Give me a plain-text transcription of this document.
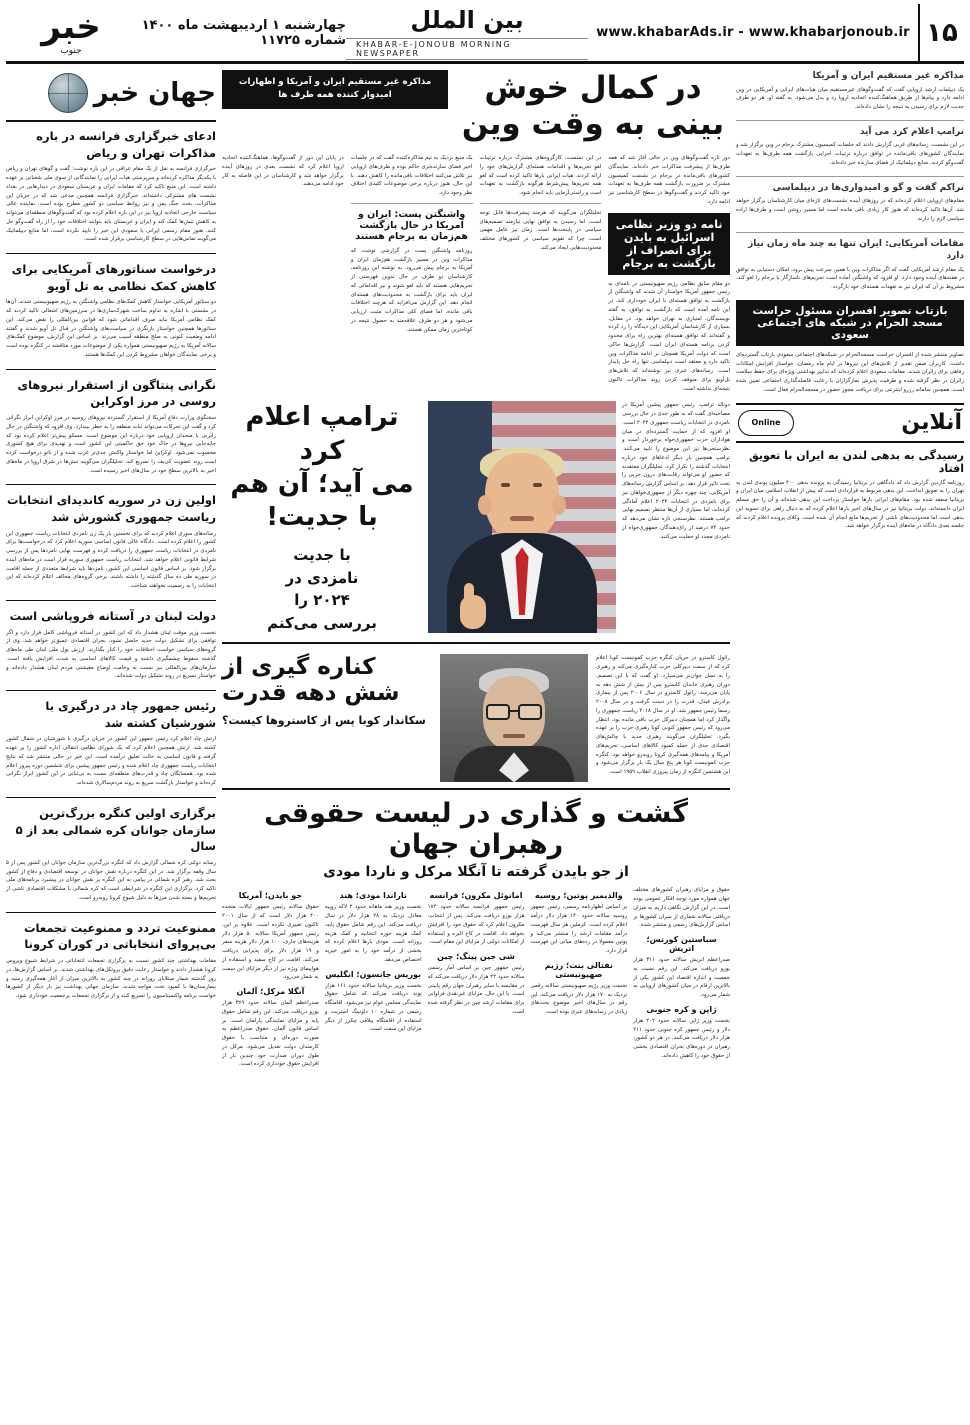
۱۵
www.khabarAds.ir - www.khabarjonoub.ir
بین الملل
KHABAR-E-JONOUB MORNING NEWSPAPER
چهارشنبه ۱ اردیبهشت ماه ۱۴۰۰ شماره ۱۱۷۲۵
خبر
جنوب
مذاکره غیر مستقیم ایران و آمریکا
یک دیپلمات ارشد اروپایی گفت که گفت‌وگوهای غیرمستقیم میان هیات‌های ایرانی و آمریکایی در وین ادامه دارد و پیام‌ها از طریق هماهنگ‌کننده اتحادیه اروپا رد و بدل می‌شود. به گفته او، هر دو طرف جدیت لازم برای رسیدن به نتیجه را نشان داده‌اند.
ترامپ اعلام کرد می آید
در این نشست، رسانه‌های غربی گزارش دادند که جلسات کمیسیون مشترک برجام در وین برگزار شد و نمایندگان کشورهای باقی‌مانده در توافق درباره ترتیبات اجرایی بازگشت همه طرف‌ها به تعهدات گفت‌وگو کردند. منابع دیپلماتیک از فضای سازنده خبر داده‌اند.
تراکم گفت و گو و امیدواری‌ها در دیپلماسی
مقام‌های اروپایی اعلام کرده‌اند که در روزهای آینده نشست‌های تازه‌ای میان کارشناسان برگزار خواهد شد. آن‌ها تاکید کرده‌اند که هنوز کار زیادی باقی مانده است اما مسیر روشن است و طرف‌ها اراده سیاسی لازم را دارند.
مقامات آمریکایی: ایران تنها به چند ماه زمان نیاز دارد
یک مقام ارشد آمریکایی گفت که اگر مذاکرات وین با همین سرعت پیش برود، امکان دستیابی به توافق در هفته‌های آینده وجود دارد. او افزود که واشنگتن آماده است تحریم‌های ناسازگار با برجام را لغو کند، مشروط بر آن که ایران نیز به تعهدات هسته‌ای خود بازگردد.
بازتاب تصویر افسران مسئول حراست مسجد الحرام در شبکه های اجتماعی سعودی
تصاویر منتشر شده از افسران حراست مسجدالحرام در شبکه‌های اجتماعی سعودی بازتاب گسترده‌ای داشت. کاربران ضمن تقدیر از تلاش‌های این نیروها در ایام ماه رمضان، خواستار افزایش امکانات رفاهی برای زائران شدند. مقامات سعودی اعلام کرده‌اند که تدابیر بهداشتی ویژه‌ای برای حفظ سلامت زائران در نظر گرفته شده و ظرفیت پذیرش نمازگزاران با رعایت فاصله‌گذاری اجتماعی تعیین شده است. همچنین سامانه رزرو اینترنتی برای دریافت مجوز حضور در مسجدالحرام فعال است.
آنلاین
Online
رسیدگی به بدهی لندن به ایران با تعویق افتاد
روزنامه گاردین گزارش داد که دادگاهی در بریتانیا رسیدگی به پرونده بدهی ۴۰۰ میلیون پوندی لندن به تهران را به تعویق انداخت. این بدهی مربوط به قراردادی است که پیش از انقلاب اسلامی میان ایران و بریتانیا منعقد شده بود. مقام‌های ایرانی بارها خواستار پرداخت این بدهی شده‌اند و آن را حق مسلم ایران دانسته‌اند. دولت بریتانیا نیز در سال‌های اخیر بارها اعلام کرده که به دنبال راهی برای تسویه این بدهی است اما محدودیت‌های ناشی از تحریم‌ها مانع انجام آن شده است. وکلای پرونده اعلام کردند که جلسه بعدی دادگاه در ماه‌های آینده برگزار خواهد شد.
در کمال خوش بینی به وقت وین
مذاکره غیر مستقیم ایران و آمریکا و اظهارات امیدوار کننده همه طرف ها
دور تازه گفت‌وگوهای وین در حالی آغاز شد که همه طرف‌ها از پیشرفت مذاکرات خبر داده‌اند. نمایندگان کشورهای باقی‌مانده در برجام در نشست کمیسیون مشترک بر ضرورت بازگشت همه طرف‌ها به تعهدات خود تاکید کردند و گفت‌وگوها در سطح کارشناسی نیز ادامه دارد.
نامه دو وزیر نظامی اسرائیل به بایدن برای انصراف از بازگشت به برجام
دو مقام سابق نظامی رژیم صهیونیستی در نامه‌ای به رئیس جمهور آمریکا خواستار آن شدند که واشنگتن از بازگشت به توافق هسته‌ای با ایران خودداری کند. در این نامه آمده است که بازگشت به توافق، به گفته نویسندگان، امتیازی به تهران خواهد بود. در مقابل، بسیاری از کارشناسان آمریکایی این دیدگاه را رد کرده و گفته‌اند که توافق هسته‌ای بهترین راه برای محدود کردن برنامه هسته‌ای ایران است. گزارش‌ها حاکی است که دولت آمریکا همچنان بر ادامه مذاکرات وین تاکید دارد و معتقد است دیپلماسی تنها راه حل پایدار است. رسانه‌های عبری نیز نوشته‌اند که تلاش‌های تل‌آویو برای متوقف کردن روند مذاکرات تاکنون نتیجه‌ای نداشته است.
در این نشست، کارگروه‌های مشترک درباره ترتیبات لغو تحریم‌ها و اقدامات هسته‌ای گزارش‌های خود را ارائه کردند. هیات ایرانی بارها تاکید کرده است که لغو همه تحریم‌ها پیش‌شرط هرگونه بازگشت به تعهدات است و راستی‌آزمایی باید انجام شود.
تحلیلگران می‌گویند که هرچند پیشرفت‌ها قابل توجه است، اما رسیدن به توافق نهایی نیازمند تصمیم‌های سیاسی در پایتخت‌ها است. زمان نیز عامل مهمی است، چرا که تقویم سیاسی در کشورهای مختلف محدودیت‌هایی ایجاد می‌کند.
یک منبع نزدیک به تیم مذاکره‌کننده گفت که در جلسات اخیر فضای سازنده‌تری حاکم بوده و طرف‌های اروپایی نیز تلاش می‌کنند اختلافات باقی‌مانده را کاهش دهند. با این حال، هنوز درباره برخی موضوعات کلیدی اختلاف نظر وجود دارد.
واشنگتن پست: ایران و آمریکا در حال بازگشت هم‌زمان به برجام هستند
روزنامه واشنگتن پست در گزارشی نوشت که مذاکرات وین در مسیر بازگشت هم‌زمان ایران و آمریکا به برجام پیش می‌رود. به نوشته این روزنامه، کارشناسان دو طرف در حال تدوین فهرستی از تحریم‌هایی هستند که باید لغو شوند و نیز اقداماتی که ایران باید برای بازگشت به محدودیت‌های هسته‌ای انجام دهد. این گزارش می‌افزاید که هرچند اختلافات باقی مانده، اما فضای کلی مذاکرات مثبت ارزیابی می‌شود و هر دو طرف علاقه‌مند به حصول نتیجه در کوتاه‌ترین زمان ممکن هستند.
در پایان این دور از گفت‌وگوها، هماهنگ‌کننده اتحادیه اروپا اعلام کرد که نشست بعدی در روزهای آینده برگزار خواهد شد و کارشناسان در این فاصله به کار خود ادامه می‌دهند.
دونالد ترامپ، رئیس جمهور پیشین آمریکا در مصاحبه‌ای گفت که به طور جدی در حال بررسی نامزدی در انتخابات ریاست جمهوری ۲۰۲۴ است. او افزود که از حمایت گسترده‌ای در میان هواداران حزب جمهوری‌خواه برخوردار است و نظرسنجی‌ها نیز این موضوع را تایید می‌کنند. ترامپ همچنین بار دیگر ادعاهای خود درباره انتخابات گذشته را تکرار کرد. تحلیلگران معتقدند که حضور او می‌تواند رقابت‌های درون حزبی را تحت تاثیر قرار دهد. بر اساس گزارش رسانه‌های آمریکایی، چند چهره دیگر از جمهوری‌خواهان نیز برای نامزدی در انتخابات ۲۰۲۴ اعلام آمادگی کرده‌اند، اما بسیاری از آن‌ها منتظر تصمیم نهایی ترامپ هستند. نظرسنجی تازه نشان می‌دهد که حدود ۷۴ درصد از رای‌دهندگان جمهوری‌خواه از نامزدی مجدد او حمایت می‌کنند.
ترامپ اعلام کرد
می آید؛ آن هم
با جدیت!
با جدیت
نامزدی در
۲۰۲۴ را
بررسی می‌کنم
رائول کاسترو در جریان کنگره حزب کمونیست کوبا اعلام کرد که از سمت دبیرکلی حزب کناره‌گیری می‌کند و رهبری را به نسل جوان‌تر می‌سپارد. او گفت که با این تصمیم، دوران رهبری خاندان کاسترو پس از بیش از شش دهه به پایان می‌رسد. رائول کاسترو در سال ۲۰۰۶ پس از بیماری برادرش فیدل، قدرت را در دست گرفت و در سال ۲۰۰۸ رسما رئیس جمهور شد. او در سال ۲۰۱۸ ریاست جمهوری را واگذار کرد اما همچنان دبیرکل حزب باقی مانده بود. انتظار می‌رود که رئیس جمهور کنونی کوبا رهبری حزب را بر عهده بگیرد. تحلیلگران می‌گویند رهبری جدید با چالش‌های اقتصادی جدی از جمله کمبود کالاهای اساسی، تحریم‌های آمریکا و پیامدهای همه‌گیری کرونا روبه‌رو خواهد بود. کنگره حزب کمونیست کوبا هر پنج سال یک بار برگزار می‌شود و این هشتمین کنگره از زمان پیروزی انقلاب ۱۹۵۹ است.
کناره گیری از شش دهه قدرت
سکاندار کوبا پس از کاسترو‌ها کیست؟
گشت و گذاری در لیست حقوقی رهبران جهان
از جو بایدن گرفته تا آنگلا مرکل و ناردا مودی
حقوق و مزایای رهبران کشورهای مختلف جهان همواره مورد توجه افکار عمومی بوده است. در این گزارش نگاهی داریم به میزان دریافتی سالانه شماری از سران کشورها بر اساس گزارش‌های رسمی و منتشر شده.
سباستین کورتس؛ اتریش
صدراعظم اتریش سالانه حدود ۳۱۱ هزار یورو دریافت می‌کند. این رقم نسبت به جمعیت و اندازه اقتصاد این کشور یکی از بالاترین ارقام در میان کشورهای اروپایی به شمار می‌رود.
ژاپن و کره جنوبی
نخست وزیر ژاپن سالانه حدود ۲۰۲ هزار دلار و رئیس جمهور کره جنوبی حدود ۲۱۱ هزار دلار دریافت می‌کنند. در هر دو کشور، رهبران در دوره‌های بحران اقتصادی بخشی از حقوق خود را کاهش داده‌اند.
والدیمیر پوتین؛ روسیه
بر اساس اظهارنامه رسمی، رئیس جمهور روسیه سالانه حدود ۱۴۰ هزار دلار درآمد اعلام کرده است. کرملین هر سال فهرست درآمد مقامات ارشد را منتشر می‌کند و پوتین معمولا در رده‌های میانی این فهرست قرار دارد.
نفتالی بنت؛ رژیم صهیونیستی
نخست وزیر رژیم صهیونیستی سالانه رقمی نزدیک به ۱۷۰ هزار دلار دریافت می‌کند. این رقم در سال‌های اخیر موضوع بحث‌های زیادی در رسانه‌های عبری بوده است.
امانوئل مکرون؛ فرانسه
رئیس جمهور فرانسه سالانه حدود ۱۸۲ هزار یورو دریافت می‌کند. پس از انتخاب، مکرون اعلام کرد که حقوق خود را افزایش نخواهد داد. اقامت در کاخ الیزه و استفاده از امکانات دولتی از مزایای این مقام است.
شی جین پینگ؛ چین
رئیس جمهور چین بر اساس آمار رسمی سالانه حدود ۲۲ هزار دلار دریافت می‌کند که در مقایسه با سایر رهبران جهان رقم پایینی است. با این حال، مزایای غیرنقدی فراوانی برای مقامات ارشد چین در نظر گرفته شده است.
ناراندا مودی؛ هند
نخست وزیر هند ماهانه حدود ۲ لاکه روپیه معادل نزدیک به ۲۸ هزار دلار در سال دریافت می‌کند. این رقم شامل حقوق پایه، کمک هزینه حوزه انتخابیه و کمک هزینه روزانه است. مودی بارها اعلام کرده که بخشی از درآمد خود را به امور خیریه اختصاص می‌دهد.
بوریس جانسون؛ انگلیس
نخست وزیر بریتانیا سالانه حدود ۱۶۱ هزار پوند دریافت می‌کند که شامل حقوق نمایندگی مجلس عوام نیز می‌شود. اقامتگاه رسمی در شماره ۱۰ داونینگ استریت و استفاده از اقامتگاه ییلاقی چکرز از دیگر مزایای این سمت است.
جو بایدن؛ آمریکا
حقوق سالانه رئیس جمهور ایالات متحده ۴۰۰ هزار دلار است که از سال ۲۰۰۱ تاکنون تغییری نکرده است. علاوه بر این، رئیس جمهور آمریکا سالانه ۵۰ هزار دلار هزینه‌های جاری، ۱۰۰ هزار دلار هزینه سفر و ۱۹ هزار دلار برای پذیرایی دریافت می‌کند. اقامت در کاخ سفید و استفاده از هواپیمای ویژه نیز از دیگر مزایای این سمت به شمار می‌رود.
آنگلا مرکل؛ آلمان
صدراعظم آلمان سالانه حدود ۳۶۹ هزار یورو دریافت می‌کند. این رقم شامل حقوق پایه و مزایای نمایندگی پارلمان است. بر اساس قانون آلمان، حقوق صدراعظم به صورت دوره‌ای و متناسب با حقوق کارمندان دولت تعدیل می‌شود. مرکل در طول دوران صدارت خود چندین بار از افزایش حقوق خودداری کرده است.
جهان خبر
ادعای خبرگزاری فرانسه در باره مذاکرات تهران و ریاض
خبرگزاری فرانسه به نقل از یک مقام عراقی در این باره نوشت: گفت و گوهای تهران و ریاض با یکدیگر مذاکره کرده‌اند و سرپرستی هیات ایرانی را نمایندگانی از سوی ملی شعبانی بر عهده داشته است. این منبع تاکید کرد که مقامات ایران و عربستان سعودی در دیدارهایی در بغداد نشست های مشترکی داشته‌اند. خبرگزاری فرانسه همچنین مدعی شد که در جریان این مذاکرات، بحث جنگ یمن و نیز روابط سیاسی دو کشور مطرح بوده است. نماینده عالی سیاست خارجی اتحادیه اروپا نیز در این باره اعلام کرده بود که گفت‌وگوهای منطقه‌ای می‌تواند به کاهش تنش‌ها کمک کند و ایران و عربستان باید بتوانند اختلافات خود را از راه گفت‌وگو حل کنند. هنوز مقام رسمی ایرانی یا سعودی این خبر را تایید نکرده است، اما منابع دیپلماتیک می‌گویند تماس‌هایی در سطح کارشناسی برقرار شده است.
درخواست سناتورهای آمریکایی برای کاهش کمک نظامی به تل آویو
دو سناتور آمریکایی خواستار کاهش کمک‌های نظامی واشنگتن به رژیم صهیونیستی شدند. آن‌ها در نشستی با اشاره به تداوم ساخت شهرک‌سازی‌ها در سرزمین‌های اشغالی تاکید کردند که کمک نظامی آمریکا نباید صرف اقداماتی شود که قوانین بین‌المللی را نقض می‌کند. این سناتورها همچنین خواستار بازنگری در سیاست‌های واشنگتن در قبال تل آویو شدند و گفتند ادامه وضعیت کنونی به صلح منطقه آسیب می‌زند. بر اساس این گزارش، موضوع کمک‌های سالانه آمریکا به رژیم صهیونیستی همواره یکی از موضوعات مورد مناقشه در کنگره بوده است و برخی نمایندگان خواهان مشروط کردن این کمک‌ها هستند.
نگرانی پنتاگون از استقرار نیروهای روسی در مرز اوکراین
سخنگوی وزارت دفاع آمریکا از استقرار گسترده نیروهای روسیه در مرز اوکراین ابراز نگرانی کرد و گفت این تحرکات می‌تواند ثبات منطقه را به خطر بیندازد. وی افزود که واشنگتن در حال رایزنی با متحدان اروپایی خود درباره این موضوع است. مسکو پیش‌تر اعلام کرده بود که جابه‌جایی نیروها در خاک خود حق حاکمیتی این کشور است و تهدیدی برای هیچ کشوری محسوب نمی‌شود. اوکراین اما خواستار واکنش جدی‌تر غرب شده و از ناتو درخواست کرده است روند عضویت کی‌یف را تسریع کند. تحلیلگران می‌گویند تنش‌ها در شرق اروپا در ماه‌های اخیر به بالاترین سطح خود در سال‌های اخیر رسیده است.
اولین زن در سوریه کاندیدای انتخابات ریاست جمهوری کشورش شد
رسانه‌های سوری اعلام کردند که برای نخستین بار یک زن نامزدی انتخابات ریاست جمهوری این کشور را اعلام کرده است. دادگاه عالی قانون اساسی سوریه اعلام کرد که درخواست‌ها برای نامزدی در انتخابات ریاست جمهوری را دریافت کرده و فهرست نهایی نامزدها پس از بررسی شرایط قانونی اعلام خواهد شد. انتخابات ریاست جمهوری سوریه قرار است در ماه‌های آینده برگزار شود. بر اساس قانون اساسی این کشور، نامزدها باید شرایط متعددی از جمله اقامت در سوریه طی ده سال گذشته را داشته باشند. برخی گروه‌های مخالف اعلام کرده‌اند که این انتخابات را به رسمیت نخواهند شناخت.
دولت لبنان در آستانه فروپاشی است
نخست وزیر موقت لبنان هشدار داد که این کشور در آستانه فروپاشی کامل قرار دارد و اگر توافقی برای تشکیل دولت جدید حاصل نشود، بحران اقتصادی عمیق‌تر خواهد شد. وی از گروه‌های سیاسی خواست اختلافات خود را کنار بگذارند. ارزش پول ملی لبنان طی ماه‌های گذشته سقوط چشمگیری داشته و قیمت کالاهای اساسی به شدت افزایش یافته است. سازمان‌های بین‌المللی نیز نسبت به وخامت اوضاع معیشتی مردم لبنان هشدار داده‌اند و خواستار تسریع در روند تشکیل دولت شده‌اند.
رئیس جمهور چاد در درگیری با شورشیان کشته شد
ارتش چاد اعلام کرد رئیس جمهور این کشور در جریان درگیری با شورشیان در شمال کشور کشته شد. ارتش همچنین اعلام کرد که یک شورای نظامی انتقالی اداره کشور را بر عهده گرفته و قانون اساسی به حالت تعلیق درآمده است. این خبر در حالی منتشر شد که نتایج انتخابات ریاست جمهوری چاد اعلام شده و رئیس جمهور پیشین برای ششمین دوره پیروز اعلام شده بود. همسایگان چاد و قدرت‌های منطقه‌ای نسبت به بی‌ثباتی در این کشور ابراز نگرانی کرده‌اند و خواستار بازگشت سریع به روند مردم‌سالاری شده‌اند.
برگزاری اولین کنگره بزرگ‌ترین سازمان جوانان کره شمالی بعد از ۵ سال
رسانه دولتی کره شمالی گزارش داد که کنگره بزرگ‌ترین سازمان جوانان این کشور پس از ۵ سال وقفه برگزار شد. در این کنگره درباره نقش جوانان در توسعه اقتصادی و دفاع از کشور بحث شد. رهبر کره شمالی در پیامی به این کنگره بر نقش جوانان در پیشبرد برنامه‌های ملی تاکید کرد. برگزاری این کنگره در شرایطی است که کره شمالی با مشکلات اقتصادی ناشی از تحریم‌ها و بسته شدن مرزها به دلیل شیوع کرونا روبه‌رو است.
ممنوعیت تردد و ممنوعیت تجمعات بی‌پروای انتخاباتی در کوران کرونا
مقامات بهداشتی چند کشور نسبت به برگزاری تجمعات انتخاباتی در شرایط شیوع ویروس کرونا هشدار دادند و خواستار رعایت دقیق پروتکل‌های بهداشتی شدند. بر اساس گزارش‌ها، در روز گذشته شمار مبتلایان روزانه در چند کشور به بالاترین میزان از آغاز همه‌گیری رسید و بیمارستان‌ها با کمبود تخت مواجه شدند. سازمان جهانی بهداشت نیز بار دیگر از کشورها خواست برنامه واکسیناسیون را تسریع کنند و از برگزاری تجمعات پرجمعیت خودداری شود.
